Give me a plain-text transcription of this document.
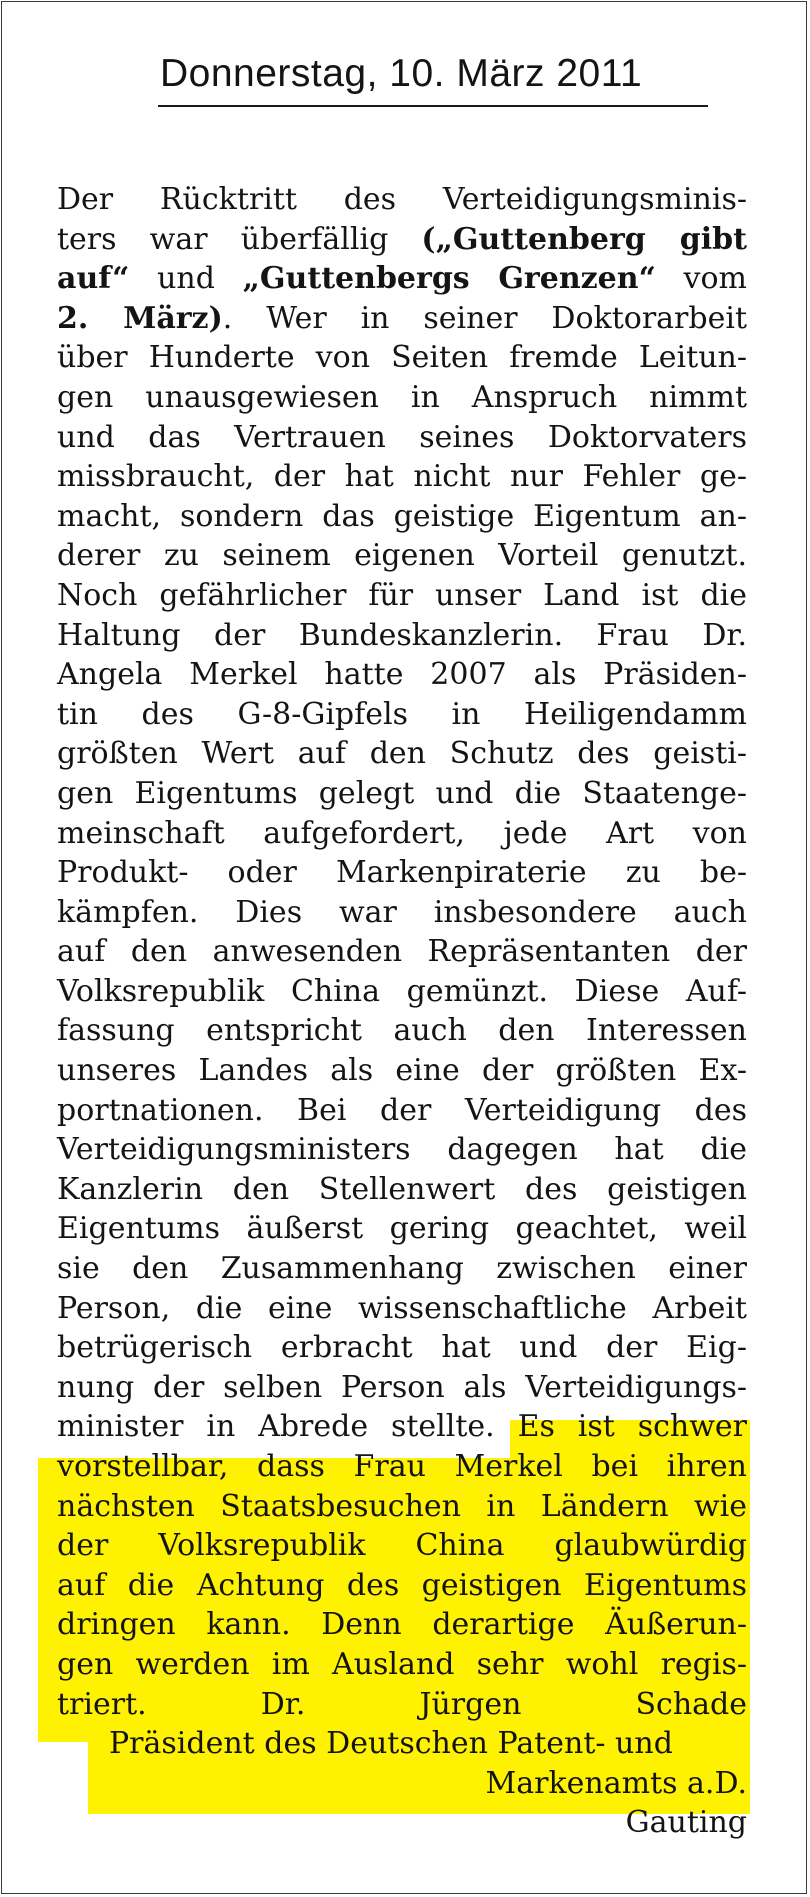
Donnerstag, 10. März 2011
Der Rücktritt des Verteidigungsminis-
ters war überfällig („Guttenberg gibt
auf“ und „Guttenbergs Grenzen“ vom
2. März). Wer in seiner Doktorarbeit
über Hunderte von Seiten fremde Leitun-
gen unausgewiesen in Anspruch nimmt
und das Vertrauen seines Doktorvaters
missbraucht, der hat nicht nur Fehler ge-
macht, sondern das geistige Eigentum an-
derer zu seinem eigenen Vorteil genutzt.
Noch gefährlicher für unser Land ist die
Haltung der Bundeskanzlerin. Frau Dr.
Angela Merkel hatte 2007 als Präsiden-
tin des G-8-Gipfels in Heiligendamm
größten Wert auf den Schutz des geisti-
gen Eigentums gelegt und die Staatenge-
meinschaft aufgefordert, jede Art von
Produkt- oder Markenpiraterie zu be-
kämpfen. Dies war insbesondere auch
auf den anwesenden Repräsentanten der
Volksrepublik China gemünzt. Diese Auf-
fassung entspricht auch den Interessen
unseres Landes als eine der größten Ex-
portnationen. Bei der Verteidigung des
Verteidigungsministers dagegen hat die
Kanzlerin den Stellenwert des geistigen
Eigentums äußerst gering geachtet, weil
sie den Zusammenhang zwischen einer
Person, die eine wissenschaftliche Arbeit
betrügerisch erbracht hat und der Eig-
nung der selben Person als Verteidigungs-
minister in Abrede stellte. Es ist schwer
vorstellbar, dass Frau Merkel bei ihren
nächsten Staatsbesuchen in Ländern wie
der Volksrepublik China glaubwürdig
auf die Achtung des geistigen Eigentums
dringen kann. Denn derartige Äußerun-
gen werden im Ausland sehr wohl regis-
triert.	Dr. Jürgen Schade
Präsident des Deutschen Patent- und
Markenamts a.D.
Gauting
